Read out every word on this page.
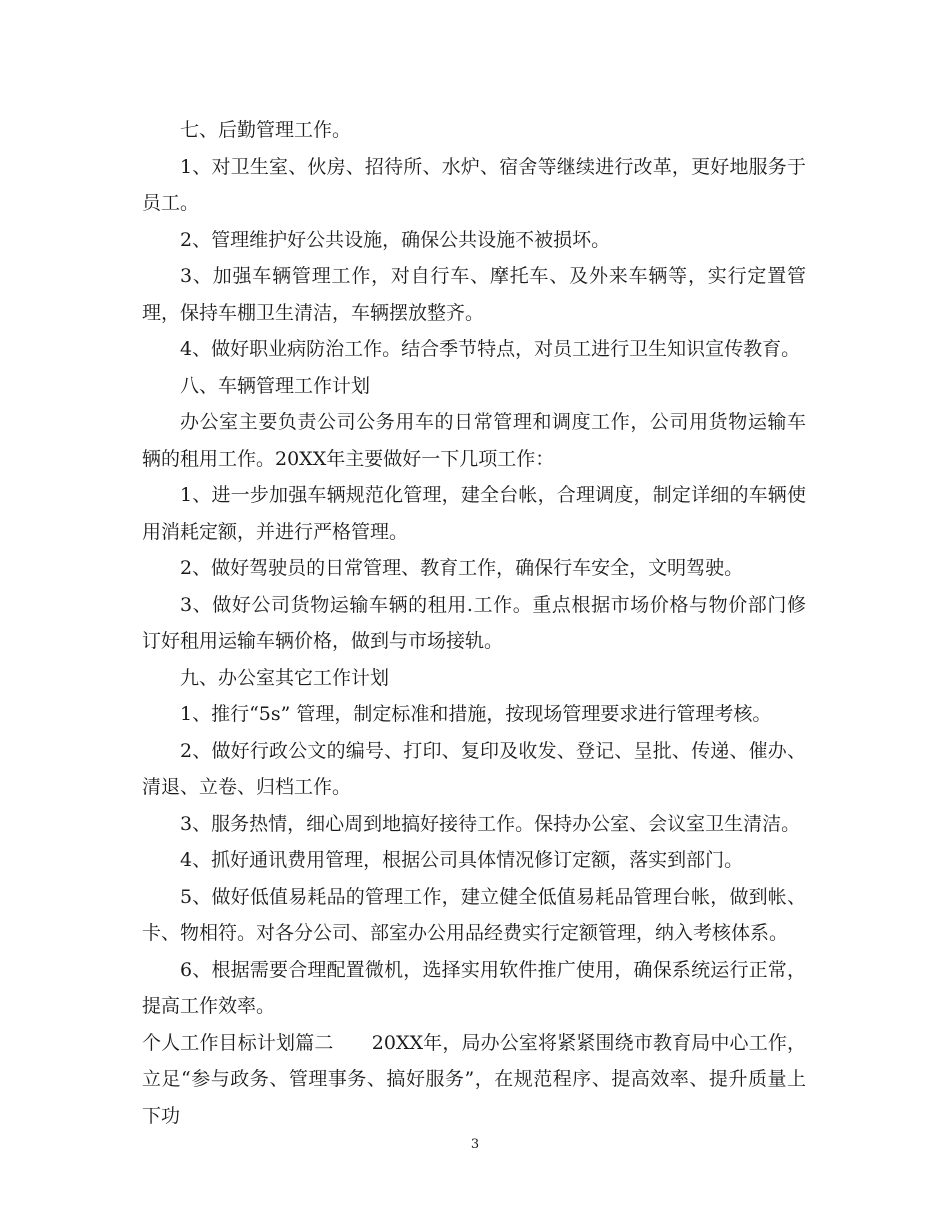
七、后勤管理工作。

1、对卫生室、伙房、招待所、水炉、宿舍等继续进行改革，更好地服务于员工。

2、管理维护好公共设施，确保公共设施不被损坏。

3、加强车辆管理工作，对自行车、摩托车、及外来车辆等，实行定置管理，保持车棚卫生清洁，车辆摆放整齐。

4、做好职业病防治工作。结合季节特点，对员工进行卫生知识宣传教育。

八、车辆管理工作计划

办公室主要负责公司公务用车的日常管理和调度工作，公司用货物运输车辆的租用工作。20XX年主要做好一下几项工作：

1、进一步加强车辆规范化管理，建全台帐，合理调度，制定详细的车辆使用消耗定额，并进行严格管理。

2、做好驾驶员的日常管理、教育工作，确保行车安全，文明驾驶。

3、做好公司货物运输车辆的租用.工作。重点根据市场价格与物价部门修订好租用运输车辆价格，做到与市场接轨。

九、办公室其它工作计划

1、推行“5s” 管理，制定标准和措施，按现场管理要求进行管理考核。

2、做好行政公文的编号、打印、复印及收发、登记、呈批、传递、催办、清退、立卷、归档工作。

3、服务热情，细心周到地搞好接待工作。保持办公室、会议室卫生清洁。

4、抓好通讯费用管理，根据公司具体情况修订定额，落实到部门。

5、做好低值易耗品的管理工作，建立健全低值易耗品管理台帐，做到帐、卡、物相符。对各分公司、部室办公用品经费实行定额管理，纳入考核体系。

6、根据需要合理配置微机，选择实用软件推广使用，确保系统运行正常，提高工作效率。

个人工作目标计划篇二　　20XX年，局办公室将紧紧围绕市教育局中心工作，立足“参与政务、管理事务、搞好服务”，在规范程序、提高效率、提升质量上下功

3
